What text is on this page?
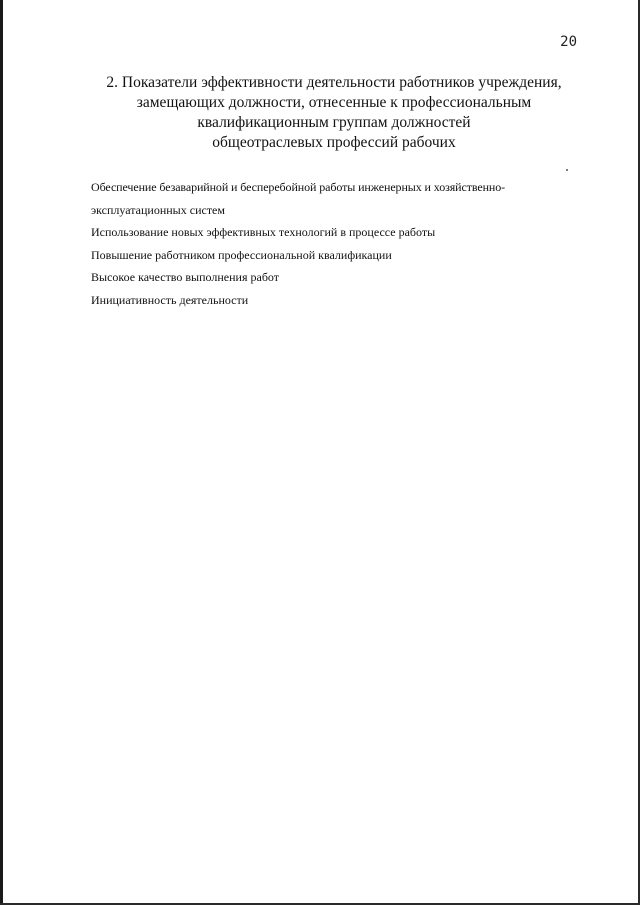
20
2. Показатели эффективности деятельности работников учреждения,
замещающих должности, отнесенные к профессиональным
квалификационным группам должностей
общеотраслевых профессий рабочих
Обеспечение безаварийной и бесперебойной работы инженерных и хозяйственно-
эксплуатационных систем
Использование новых эффективных технологий в процессе работы
Повышение работником профессиональной квалификации
Высокое качество выполнения работ
Инициативность деятельности
